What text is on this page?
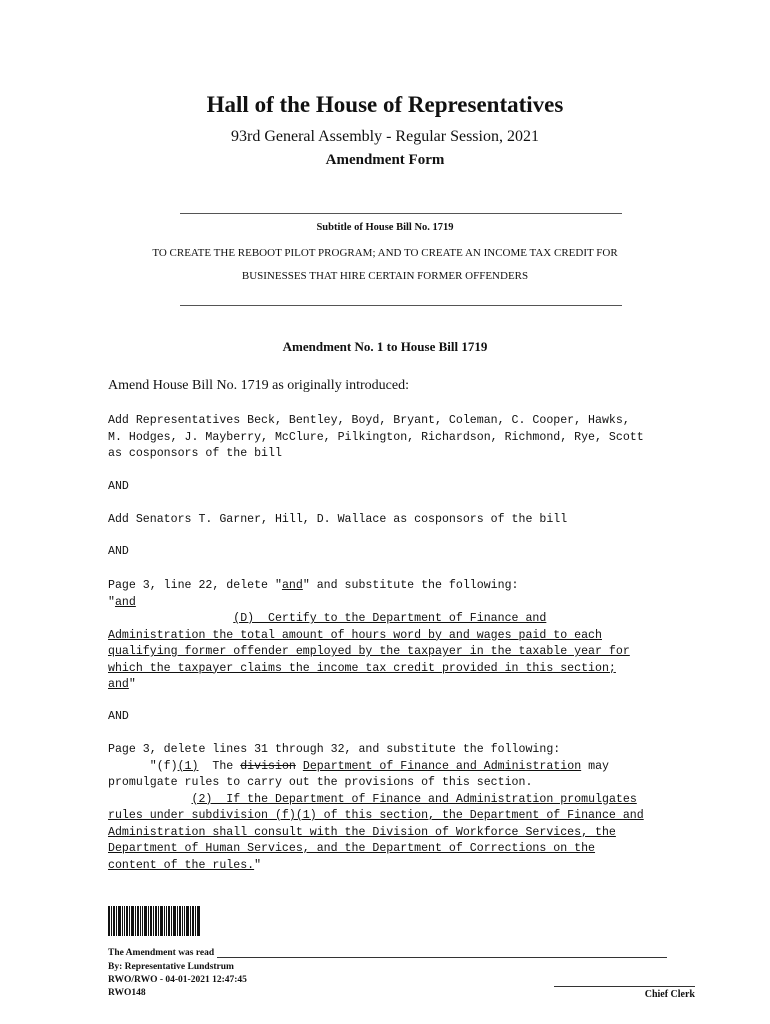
Hall of the House of Representatives
93rd General Assembly - Regular Session, 2021
Amendment Form
Subtitle of House Bill No. 1719
TO CREATE THE REBOOT PILOT PROGRAM; AND TO CREATE AN INCOME TAX CREDIT FOR
BUSINESSES THAT HIRE CERTAIN FORMER OFFENDERS
Amendment No. 1 to House Bill 1719
Amend House Bill No. 1719 as originally introduced:
Add Representatives Beck, Bentley, Boyd, Bryant, Coleman, C. Cooper, Hawks,
M. Hodges, J. Mayberry, McClure, Pilkington, Richardson, Richmond, Rye, Scott
as cosponsors of the bill
AND
Add Senators T. Garner, Hill, D. Wallace as cosponsors of the bill
AND
Page 3, line 22, delete "and" and substitute the following:
"and
(D)  Certify to the Department of Finance and
Administration the total amount of hours word by and wages paid to each
qualifying former offender employed by the taxpayer in the taxable year for
which the taxpayer claims the income tax credit provided in this section;
and"
AND
Page 3, delete lines 31 through 32, and substitute the following:
"(f)(1)  The division Department of Finance and Administration may
promulgate rules to carry out the provisions of this section.
(2)  If the Department of Finance and Administration promulgates
rules under subdivision (f)(1) of this section, the Department of Finance and
Administration shall consult with the Division of Workforce Services, the
Department of Human Services, and the Department of Corrections on the
content of the rules."
The Amendment was read
By: Representative Lundstrum
RWO/RWO - 04-01-2021 12:47:45
RWO148	Chief Clerk
